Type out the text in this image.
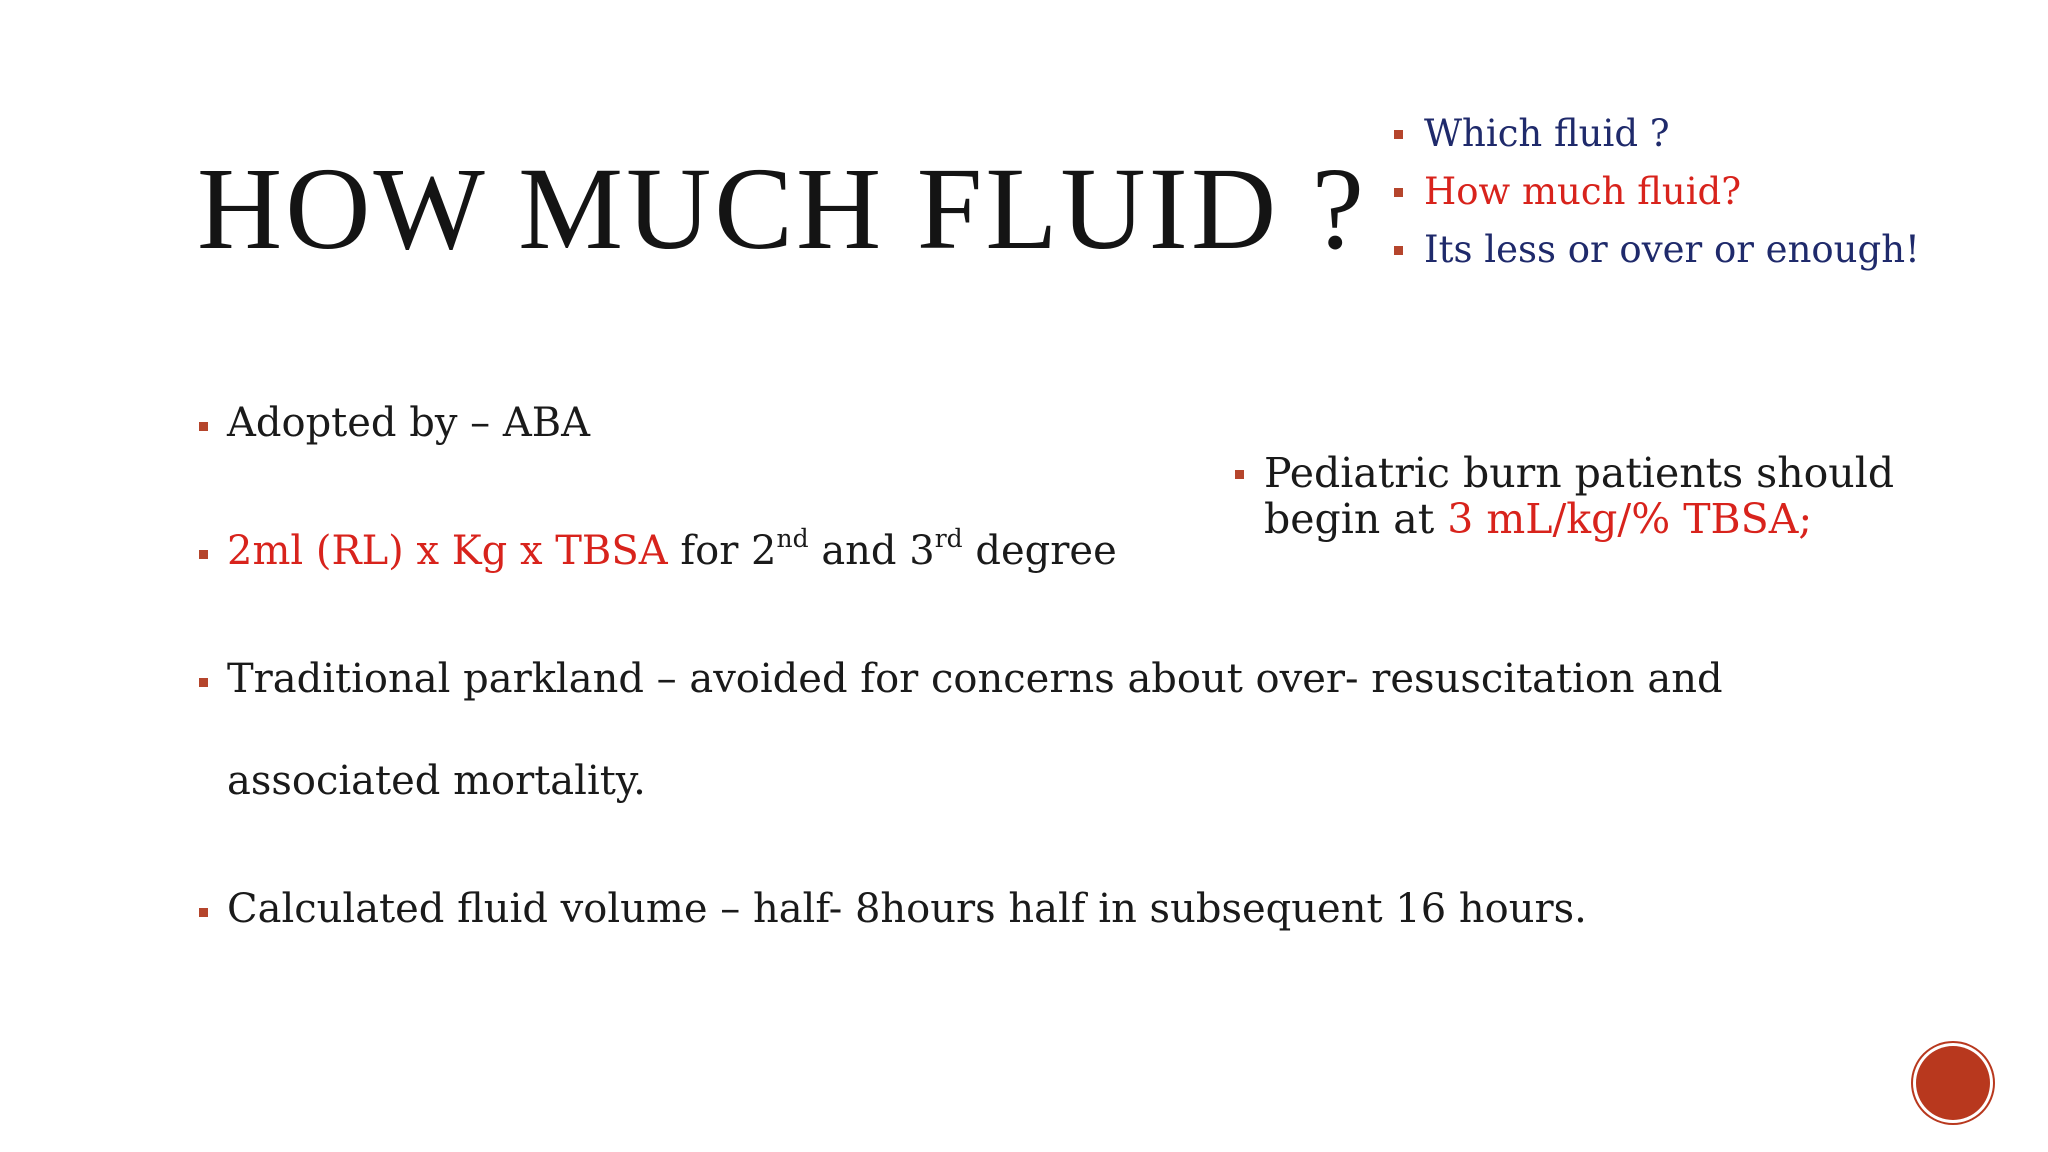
HOW MUCH FLUID ?
Which fluid ?
How much fluid?
Its less or over or enough!
Adopted by – ABA
2ml (RL) x Kg x TBSA for 2nd and 3rd degree
Traditional parkland – avoided for concerns about over- resuscitation and
associated mortality.
Calculated fluid volume – half- 8hours half in subsequent 16 hours.
Pediatric burn patients should
begin at 3 mL/kg/% TBSA;
